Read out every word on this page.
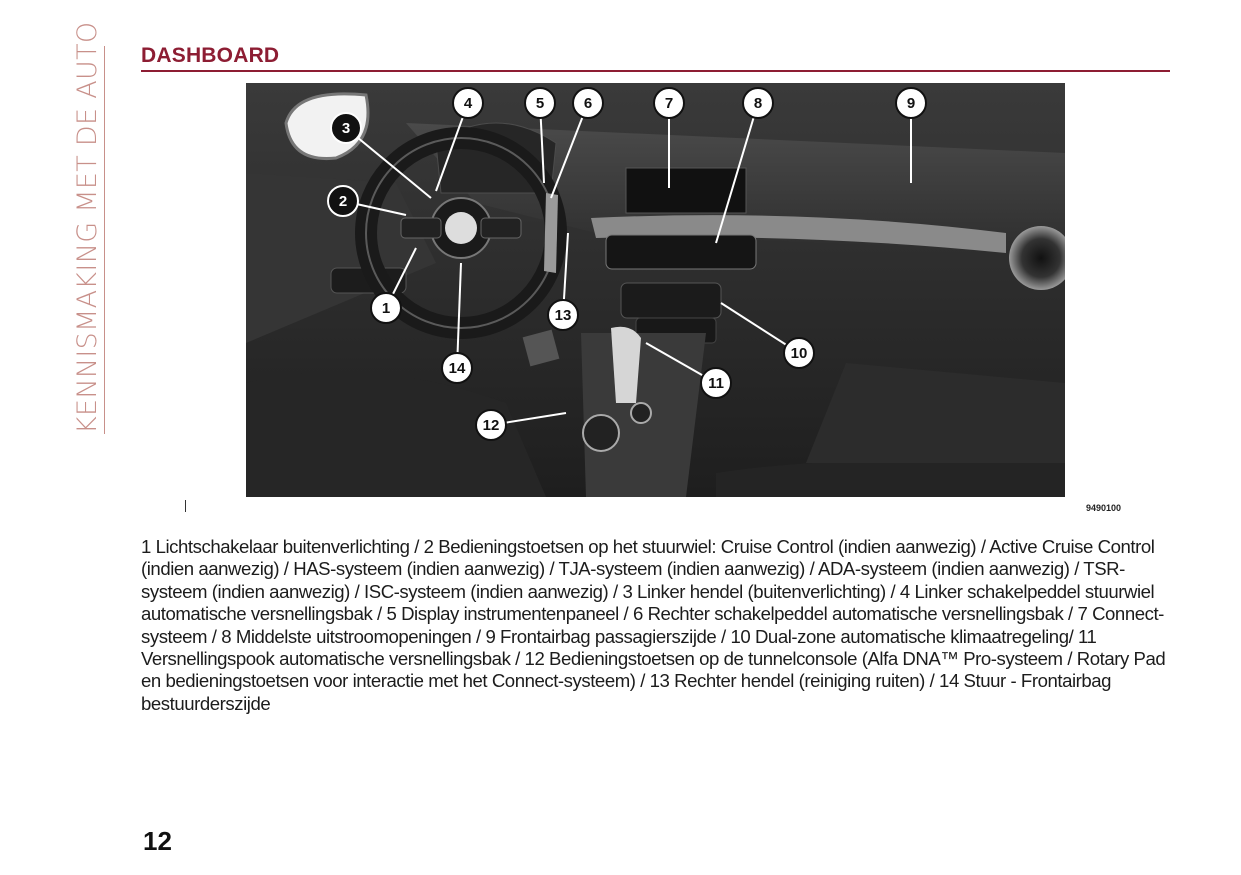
KENNISMAKING MET DE AUTO DASHBOARD
1
2
3
4	5	6	7	8	9
10
11
12
13
14
9490100
1 Lichtschakelaar buitenverlichting / 2 Bedieningstoetsen op het stuurwiel: Cruise Control (indien aanwezig) / Active Cruise Control (indien aanwezig) / HAS-systeem (indien aanwezig) / TJA-systeem (indien aanwezig) / ADA-systeem (indien aanwezig) / TSR-systeem (indien aanwezig) / ISC-systeem (indien aanwezig) / 3 Linker hendel (buitenverlichting) / 4 Linker schakelpeddel stuurwiel automatische versnellingsbak / 5 Display instrumentenpaneel / 6 Rechter schakelpeddel automatische versnellingsbak / 7 Connect-systeem / 8 Middelste uitstroomopeningen / 9 Frontairbag passagierszijde / 10 Dual-zone automatische klimaatregeling/ 11 Versnellingspook automatische versnellingsbak / 12 Bedieningstoetsen op de tunnelconsole (Alfa DNA™ Pro-systeem / Rotary Pad en bedieningstoetsen voor interactie met het Connect-systeem) / 13 Rechter hendel (reiniging ruiten) / 14 Stuur - Frontairbag bestuurderszijde
12
